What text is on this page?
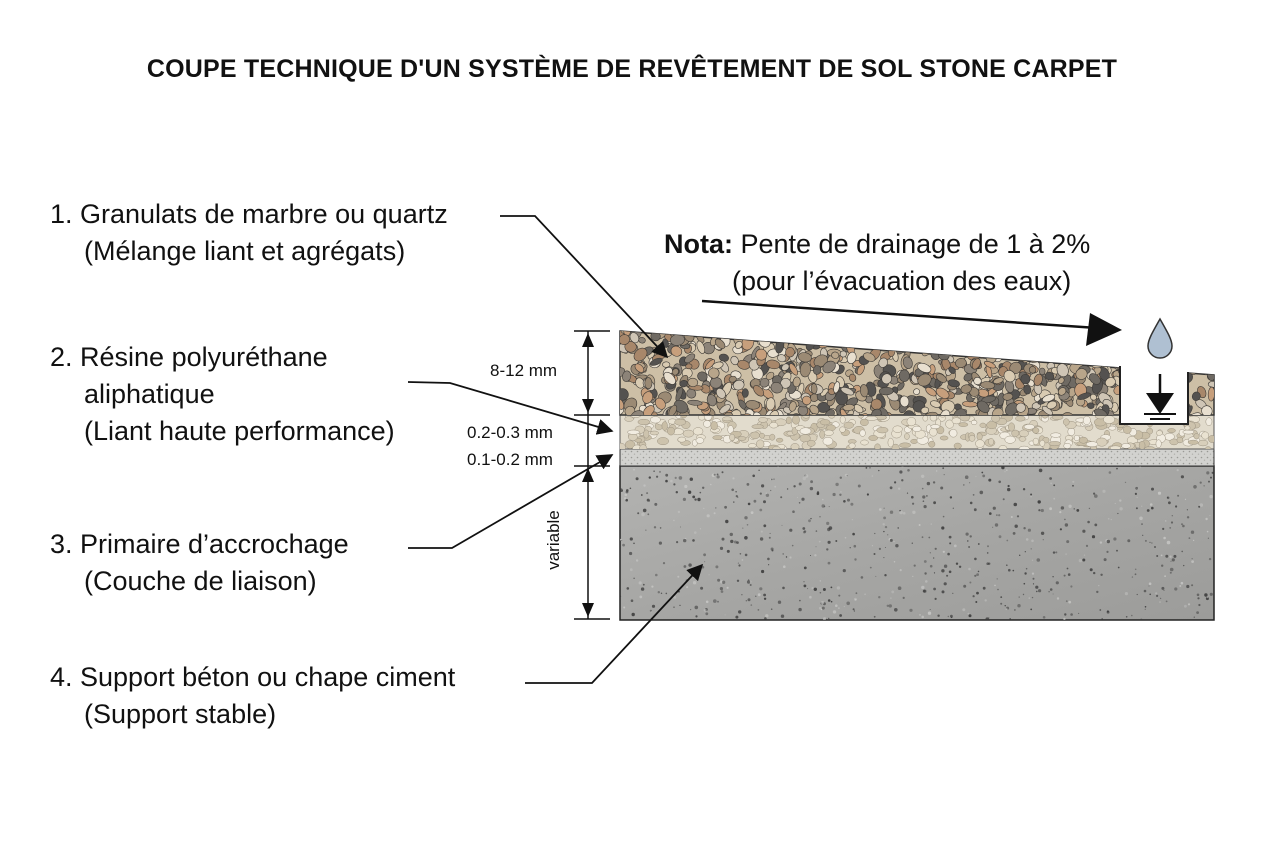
COUPE TECHNIQUE D'UN SYSTÈME DE REVÊTEMENT DE SOL STONE CARPET
1. Granulats de marbre ou quartz
(Mélange liant et agrégats)
2. Résine polyuréthane
aliphatique
(Liant haute performance)
3. Primaire d’accrochage
(Couche de liaison)
4. Support béton ou chape ciment
(Support stable)
Nota: Pente de drainage de 1 à 2%
(pour l’évacuation des eaux)
8-12 mm
0.2-0.3 mm
0.1-0.2 mm
variable
